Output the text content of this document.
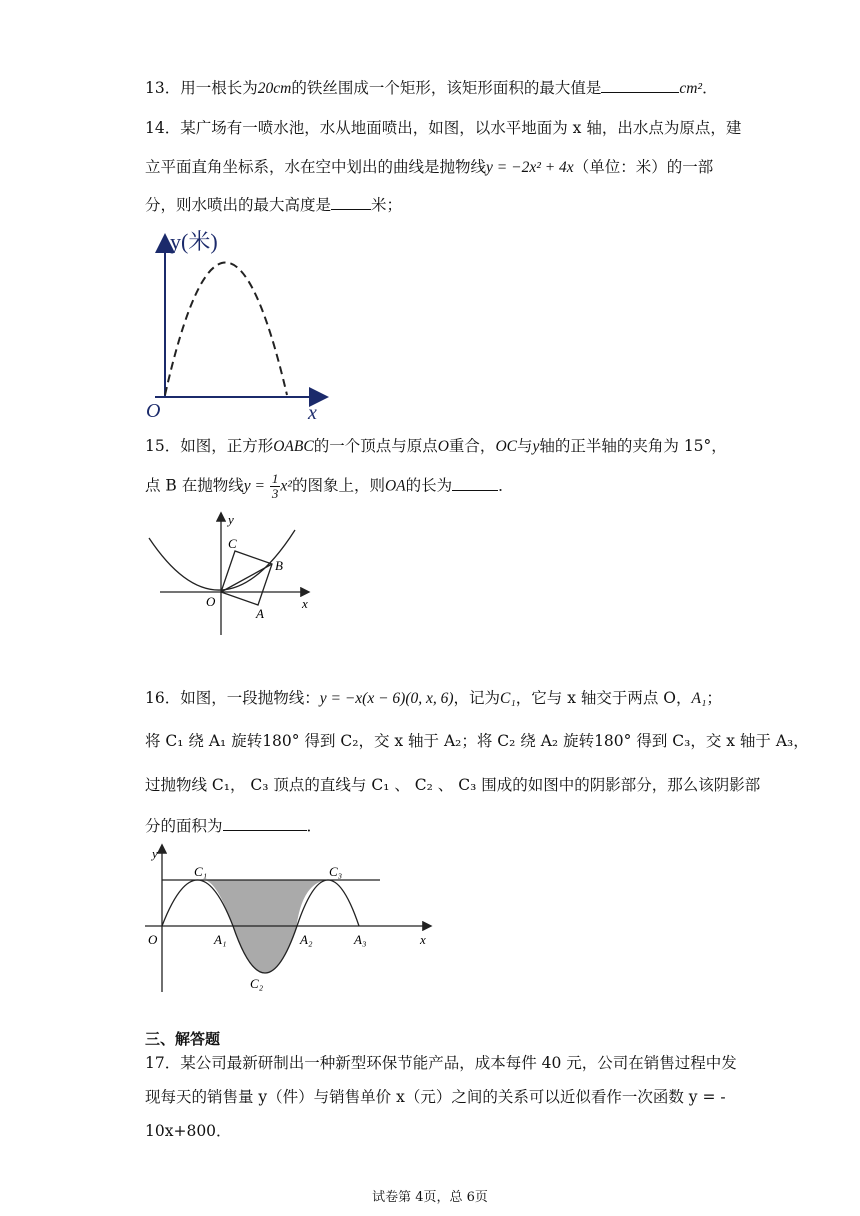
13．用一根长为20cm的铁丝围成一个矩形，该矩形面积的最大值是	cm²．
14．某广场有一喷水池，水从地面喷出，如图，以水平地面为 x 轴，出水点为原点，建
立平面直角坐标系，水在空中划出的曲线是抛物线y = −2x² + 4x（单位：米）的一部
分，则水喷出的最大高度是	米；
y(米)
O	x
15．如图，正方形OABC的一个顶点与原点O重合，OC与y轴的正半轴的夹角为 15°，
点 B 在抛物线$y = \frac{1}{3} x^2$的图象上，则OA的长为	．
y
x
O
A
B
C
16．如图，一段抛物线：y = −x(x − 6)(0, x, 6)，记为C₁，它与 x 轴交于两点 O，A₁；
将 C₁ 绕 A₁ 旋转180° 得到 C₂，交 x 轴于 A₂；将 C₂ 绕 A₂ 旋转180° 得到 C₃，交 x 轴于 A₃，
过抛物线 C₁， C₃ 顶点的直线与 C₁ 、 C₂ 、 C₃ 围成的如图中的阴影部分，那么该阴影部
分的面积为	．
y
x
O
C₁	C₃
C₂
A₁	A₂	A₃
三、解答题
17．某公司最新研制出一种新型环保节能产品，成本每件 40 元，公司在销售过程中发
现每天的销售量 y（件）与销售单价 x（元）之间的关系可以近似看作一次函数 y = -
10x+800．
试卷第 4页，总 6页
